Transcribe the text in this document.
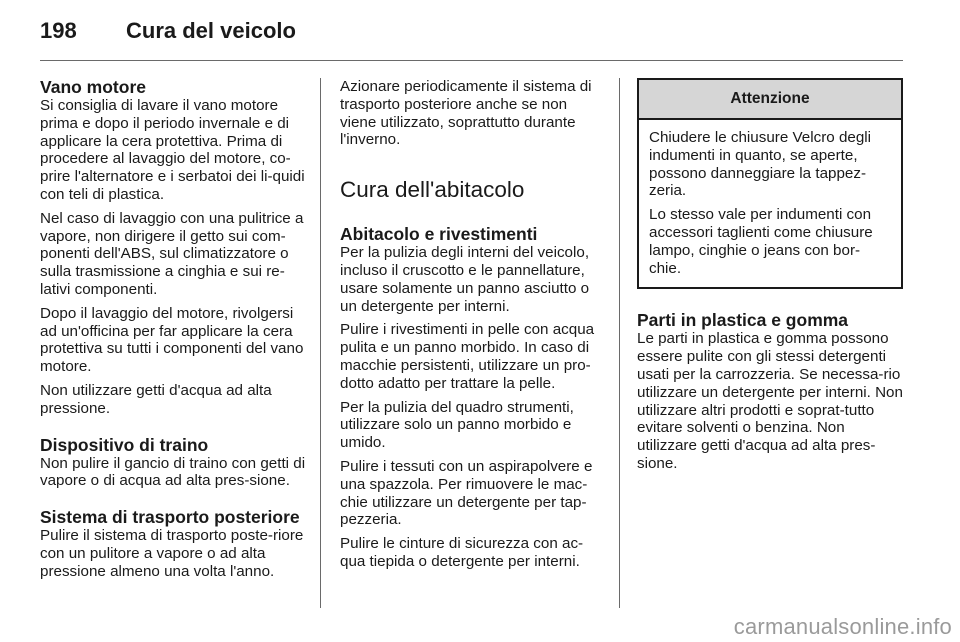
198	Cura del veicolo
Vano motore

Si consiglia di lavare il vano motore prima e dopo il periodo invernale e di applicare la cera protettiva. Prima di procedere al lavaggio del motore, co-prire l'alternatore e i serbatoi dei li-quidi con teli di plastica.

Nel caso di lavaggio con una pulitrice a vapore, non dirigere il getto sui com-ponenti dell'ABS, sul climatizzatore o sulla trasmissione a cinghia e sui re-lativi componenti.

Dopo il lavaggio del motore, rivolgersi ad un'officina per far applicare la cera protettiva su tutti i componenti del vano motore.

Non utilizzare getti d'acqua ad alta pressione.

Dispositivo di traino

Non pulire il gancio di traino con getti di vapore o di acqua ad alta pres-sione.

Sistema di trasporto posteriore

Pulire il sistema di trasporto poste-riore con un pulitore a vapore o ad alta pressione almeno una volta l'anno.

Azionare periodicamente il sistema di trasporto posteriore anche se non viene utilizzato, soprattutto durante l'inverno.

Cura dell'abitacolo
Abitacolo e rivestimenti

Per la pulizia degli interni del veicolo, incluso il cruscotto e le pannellature, usare solamente un panno asciutto o un detergente per interni.

Pulire i rivestimenti in pelle con acqua pulita e un panno morbido. In caso di macchie persistenti, utilizzare un pro-dotto adatto per trattare la pelle.

Per la pulizia del quadro strumenti, utilizzare solo un panno morbido e umido.

Pulire i tessuti con un aspirapolvere e una spazzola. Per rimuovere le mac-chie utilizzare un detergente per tap-pezzeria.

Pulire le cinture di sicurezza con ac-qua tiepida o detergente per interni.

Attenzione

Chiudere le chiusure Velcro degli indumenti in quanto, se aperte, possono danneggiare la tappez-zeria.

Lo stesso vale per indumenti con accessori taglienti come chiusure lampo, cinghie o jeans con bor-chie.

Parti in plastica e gomma

Le parti in plastica e gomma possono essere pulite con gli stessi detergenti usati per la carrozzeria. Se necessa-rio utilizzare un detergente per interni. Non utilizzare altri prodotti e soprat-tutto evitare solventi o benzina. Non utilizzare getti d'acqua ad alta pres-sione.

carmanualsonline.info
